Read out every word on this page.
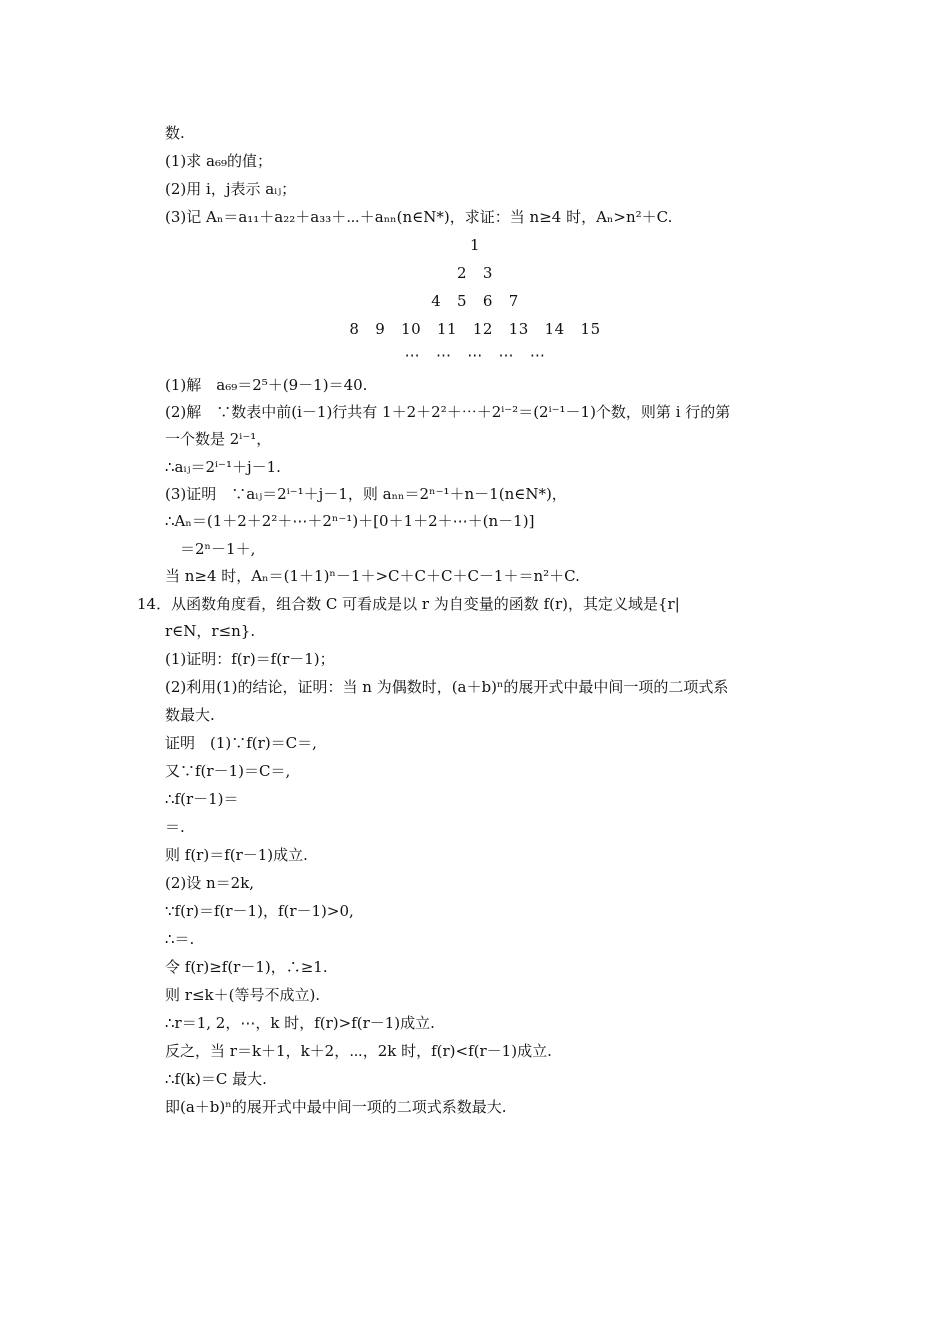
数.
(1)求 a₆₉的值；
(2)用 i，j表示 aᵢⱼ；
(3)记 Aₙ＝a₁₁＋a₂₂＋a₃₃＋⋯＋aₙₙ(n∈N*)，求证：当 n≥4 时，Aₙ>n²＋C.
1
2   3
4   5   6   7
8   9   10   11   12   13   14   15
⋯   ⋯   ⋯   ⋯   ⋯
(1)解　a₆₉＝2⁵＋(9－1)＝40.
(2)解　∵数表中前(i－1)行共有 1＋2＋2²＋⋯＋2ⁱ⁻²＝(2ⁱ⁻¹－1)个数，则第 i 行的第
一个数是 2ⁱ⁻¹，
∴aᵢⱼ＝2ⁱ⁻¹＋j－1.
(3)证明　∵aᵢⱼ＝2ⁱ⁻¹＋j－1，则 aₙₙ＝2ⁿ⁻¹＋n－1(n∈N*)，
∴Aₙ＝(1＋2＋2²＋⋯＋2ⁿ⁻¹)＋[0＋1＋2＋⋯＋(n－1)]
　＝2ⁿ－1＋,
当 n≥4 时，Aₙ＝(1＋1)ⁿ－1＋>C＋C＋C＋C－1＋＝n²＋C.
14．从函数角度看，组合数 C 可看成是以 r 为自变量的函数 f(r)，其定义域是{r|
r∈N，r≤n}.
(1)证明：f(r)＝f(r－1)；
(2)利用(1)的结论，证明：当 n 为偶数时，(a＋b)ⁿ的展开式中最中间一项的二项式系
数最大.
证明　(1)∵f(r)＝C＝,
又∵f(r－1)＝C＝,
∴f(r－1)＝
＝.
则 f(r)＝f(r－1)成立.
(2)设 n＝2k,
∵f(r)＝f(r－1)，f(r－1)>0,
∴＝.
令 f(r)≥f(r－1)，∴≥1.
则 r≤k＋(等号不成立).
∴r＝1, 2，⋯，k 时，f(r)>f(r－1)成立.
反之，当 r＝k＋1，k＋2，⋯，2k 时，f(r)<f(r－1)成立.
∴f(k)＝C 最大.
即(a＋b)ⁿ的展开式中最中间一项的二项式系数最大.
